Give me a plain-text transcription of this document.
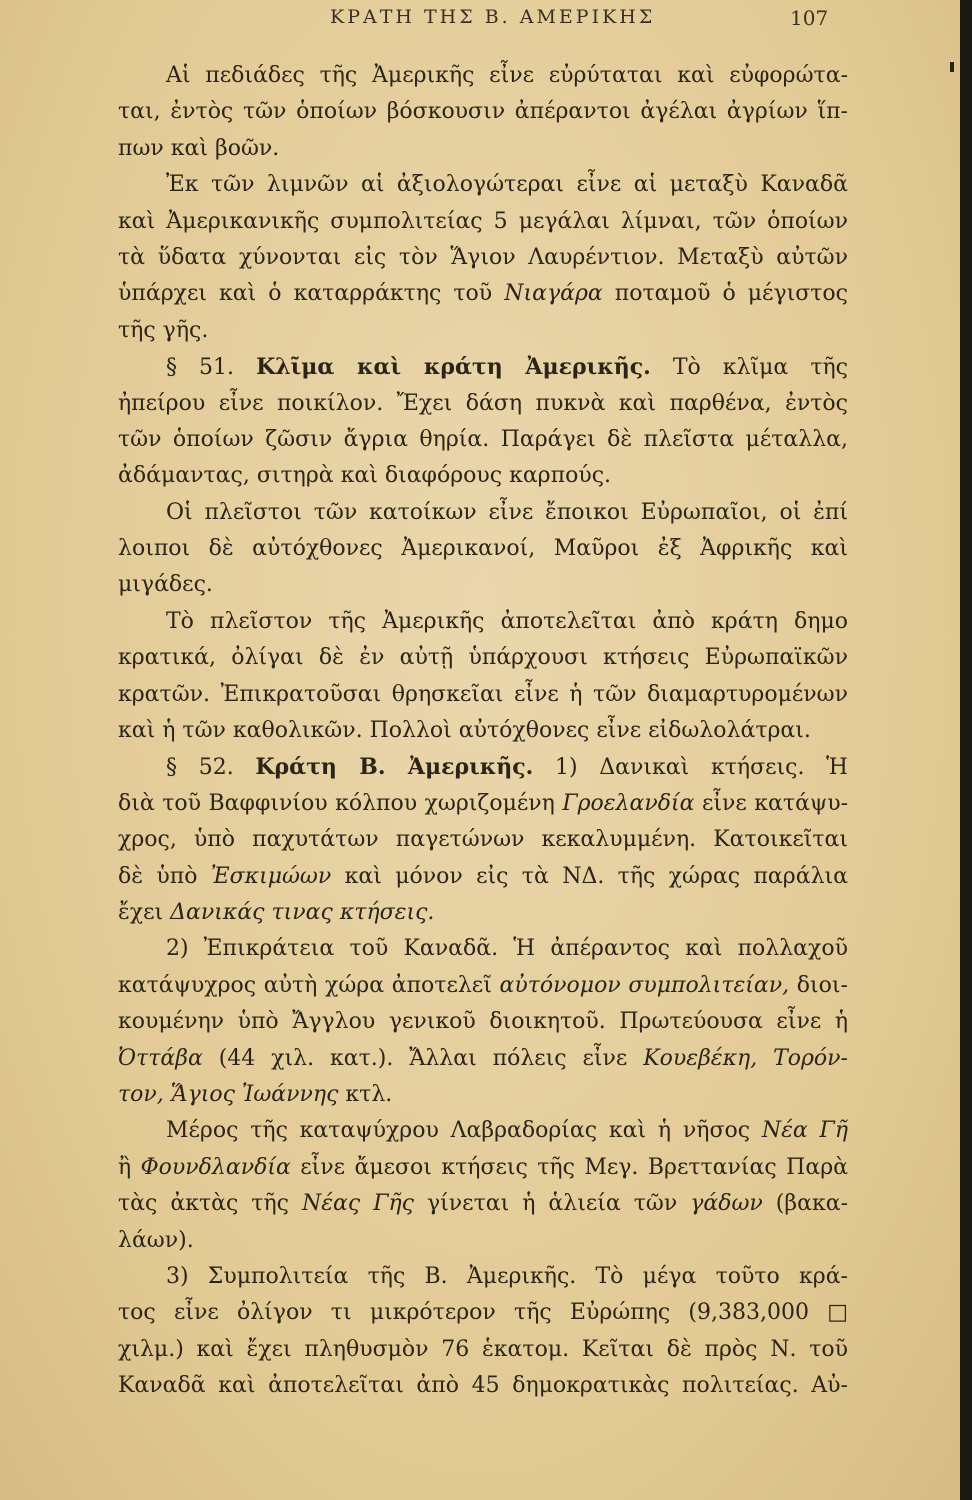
ΚΡΑΤΗ ΤΗΣ Β. ΑΜΕΡΙΚΗΣ	107
Αἱ πεδιάδες τῆς Ἀμερικῆς εἶνε εὐρύταται καὶ εὐφορώτα-
ται, ἐντὸς τῶν ὁποίων βόσκουσιν ἀπέραντοι ἀγέλαι ἀγρίων ἵπ-
πων καὶ βοῶν.
Ἐκ τῶν λιμνῶν αἱ ἀξιολογώτεραι εἶνε αἱ μεταξὺ Καναδᾶ
καὶ Ἀμερικανικῆς συμπολιτείας 5 μεγάλαι λίμναι, τῶν ὁποίων
τὰ ὕδατα χύνονται εἰς τὸν Ἅγιον Λαυρέντιον. Μεταξὺ αὐτῶν
ὑπάρχει καὶ ὁ καταρράκτης τοῦ Νιαγάρα ποταμοῦ ὁ μέγιστος
τῆς γῆς.
§ 51. Κλῖμα καὶ κράτη Ἀμερικῆς. Τὸ κλῖμα τῆς
ἠπείρου εἶνε ποικίλον. Ἔχει δάση πυκνὰ καὶ παρθένα, ἐντὸς
τῶν ὁποίων ζῶσιν ἄγρια θηρία. Παράγει δὲ πλεῖστα μέταλλα,
ἀδάμαντας, σιτηρὰ καὶ διαφόρους καρπούς.
Οἱ πλεῖστοι τῶν κατοίκων εἶνε ἔποικοι Εὐρωπαῖοι, οἱ ἐπί
λοιποι δὲ αὐτόχθονες Ἀμερικανοί, Μαῦροι ἐξ Ἀφρικῆς καὶ
μιγάδες.
Τὸ πλεῖστον τῆς Ἀμερικῆς ἀποτελεῖται ἀπὸ κράτη δημο
κρατικά, ὀλίγαι δὲ ἐν αὐτῇ ὑπάρχουσι κτήσεις Εὐρωπαϊκῶν
κρατῶν. Ἐπικρατοῦσαι θρησκεῖαι εἶνε ἡ τῶν διαμαρτυρομένων
καὶ ἡ τῶν καθολικῶν. Πολλοὶ αὐτόχθονες εἶνε εἰδωλολάτραι.
§ 52. Κράτη Β. Ἀμερικῆς. 1) Δανικαὶ κτήσεις. Ἡ
διὰ τοῦ Βαφφινίου κόλπου χωριζομένη Γροελανδία εἶνε κατάψυ-
χρος, ὑπὸ παχυτάτων παγετώνων κεκαλυμμένη. Κατοικεῖται
δὲ ὑπὸ Ἐσκιμώων καὶ μόνον εἰς τὰ ΝΔ. τῆς χώρας παράλια
ἔχει Δανικάς τινας κτήσεις.
2) Ἐπικράτεια τοῦ Καναδᾶ. Ἡ ἀπέραντος καὶ πολλαχοῦ
κατάψυχρος αὐτὴ χώρα ἀποτελεῖ αὐτόνομον συμπολιτείαν, διοι-
κουμένην ὑπὸ Ἄγγλου γενικοῦ διοικητοῦ. Πρωτεύουσα εἶνε ἡ
Ὀττάβα (44 χιλ. κατ.). Ἄλλαι πόλεις εἶνε Κουεβέκη, Τορόν-
τον, Ἅγιος Ἰωάννης κτλ.
Μέρος τῆς καταψύχρου Λαβραδορίας καὶ ἡ νῆσος Νέα Γῆ
ἢ Φουνδλανδία εἶνε ἄμεσοι κτήσεις τῆς Μεγ. Βρεττανίας Παρὰ
τὰς ἀκτὰς τῆς Νέας Γῆς γίνεται ἡ ἁλιεία τῶν γάδων (βακα-
λάων).
3) Συμπολιτεία τῆς Β. Ἀμερικῆς. Τὸ μέγα τοῦτο κρά-
τος εἶνε ὀλίγον τι μικρότερον τῆς Εὐρώπης (9,383,000 □
χιλμ.) καὶ ἔχει πληθυσμὸν 76 ἑκατομ. Κεῖται δὲ πρὸς Ν. τοῦ
Καναδᾶ καὶ ἀποτελεῖται ἀπὸ 45 δημοκρατικὰς πολιτείας. Αὐ-
